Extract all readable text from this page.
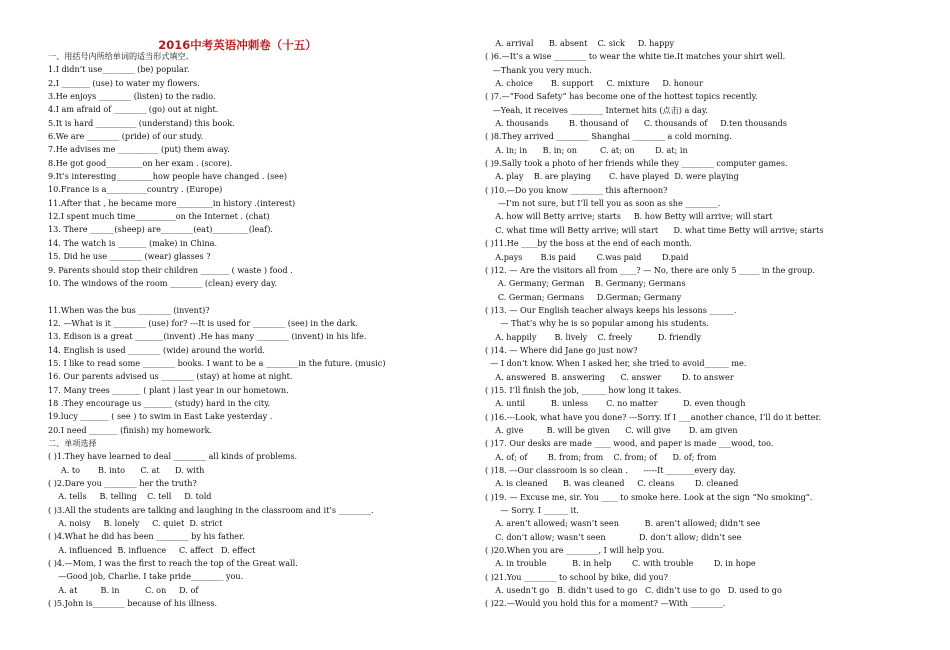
2016中考英语冲刺卷（十五）
一、用括号内所给单词的适当形式填空。
1.I didn’t use________ (be) popular.
2.I _______ (use) to water my flowers.
3.He enjoys ________ (listen) to the radio.
4.I am afraid of ________ (go) out at night.
5.It is hard __________ (understand) this book.
6.We are ________ (pride) of our study.
7.He advises me __________ (put) them away.
8.He got good_________on her exam . (score).
9.It’s interesting_________how people have changed . (see)
10.France is a__________country . (Europe)
11.After that , he became more_________in history .(interest)
12.I spent much time__________on the Internet . (chat)
13. There ______(sheep) are________(eat)_________(leaf).
14. The watch is _______ (make) in China.
15. Did he use ________ (wear) glasses ?
9. Parents should stop their children _______ ( waste ) food .
10. The windows of the room ________ (clean) every day.
11.When was the bus ________ (invent)?
12. —What is it ________ (use) for? ---It is used for ________ (see) in the dark.
13. Edison is a great _______(invent) .He has many ________ (invent) in his life.
14. English is used ________ (wide) around the world.
15. I like to read some ________ books. I want to be a ________in the future. (music)
16. Our parents advised us ________ (stay) at home at night.
17. Many trees _______ ( plant ) last year in our hometown.
18 .They encourage us _______ (study) hard in the city.
19.lucy _______ ( see ) to swim in East Lake yesterday .
20.I need _______ (finish) my homework.
二、单项选择
( )1.They have learned to deal ________ all kinds of problems.
A. to       B. into      C. at      D. with
( )2.Dare you ________ her the truth?
A. tells     B. telling    C. tell     D. told
( )3.All the students are talking and laughing in the classroom and it’s ________.
A. noisy     B. lonely     C. quiet  D. strict
( )4.What he did has been ________ by his father.
A. influenced  B. influence     C. affect   D. effect
( )4.—Mom, I was the first to reach the top of the Great wall.
—Good job, Charlie. I take pride________ you.
A. at         B. in          C. on     D. of
( )5.John is________ because of his illness.
A. arrival      B. absent    C. sick     D. happy
( )6.—It’s a wise ________ to wear the white tie.It matches your shirt well.
—Thank you very much.
A. choice       B. support     C. mixture     D. honour
( )7.—“Food Safety” has become one of the hottest topics recently.
—Yeah, it receives ________ Internet hits (点击) a day.
A. thousands        B. thousand of      C. thousands of     D.ten thousands
( )8.They arrived ________ Shanghai ________ a cold morning.
A. in; in      B. in; on         C. at; on        D. at; in
( )9.Sally took a photo of her friends while they ________ computer games.
A. play    B. are playing       C. have played  D. were playing
( )10.—Do you know ________ this afternoon?
—I’m not sure, but I’ll tell you as soon as she ________.
A. how will Betty arrive; starts     B. how Betty will arrive; will start
C. what time will Betty arrive; will start      D. what time Betty will arrive; starts
( )11.He ____by the boss at the end of each month.
A.pays       B.is paid        C.was paid        D.paid
( )12. — Are the visitors all from ____? — No, there are only 5 _____ in the group.
A. Germany; German    B. Germany; Germans
C. German; Germans     D.German; Germany
( )13. — Our English teacher always keeps his lessons ______.
— That’s why he is so popular among his students.
A. happily       B. lively    C. freely          D. friendly
( )14. — Where did Jane go just now?
— I don’t know. When I asked her, she tried to avoid______ me.
A. answered  B. answering      C. answer        D. to answer
( )15. I’ll finish the job, ______ how long it takes.
A. until          B. unless       C. no matter          D. even though
( )16.---Look, what have you done? ---Sorry. If I ___another chance, I’ll do it better.
A. give         B. will be given      C. will give       D. am given
( )17. Our desks are made ____ wood, and paper is made ___wood, too.
A. of; of        B. from; from    C. from; of      D. of; from
( )18. ---Our classroom is so clean .      -----It _______every day.
A. is cleaned      B. was cleaned     C. cleans        D. cleaned
( )19. — Excuse me, sir. You ____ to smoke here. Look at the sign “No smoking”.
— Sorry. I ______ it.
A. aren’t allowed; wasn’t seen          B. aren’t allowed; didn’t see
C. don’t allow; wasn’t seen             D. don’t allow; didn’t see
( )20.When you are ________, I will help you.
A. in trouble          B. in help        C. with trouble        D. in hope
( )21.You ________ to school by bike, did you?
A. usedn’t go   B. didn’t used to go   C. didn’t use to go   D. used to go
( )22.—Would you hold this for a moment? —With ________.
